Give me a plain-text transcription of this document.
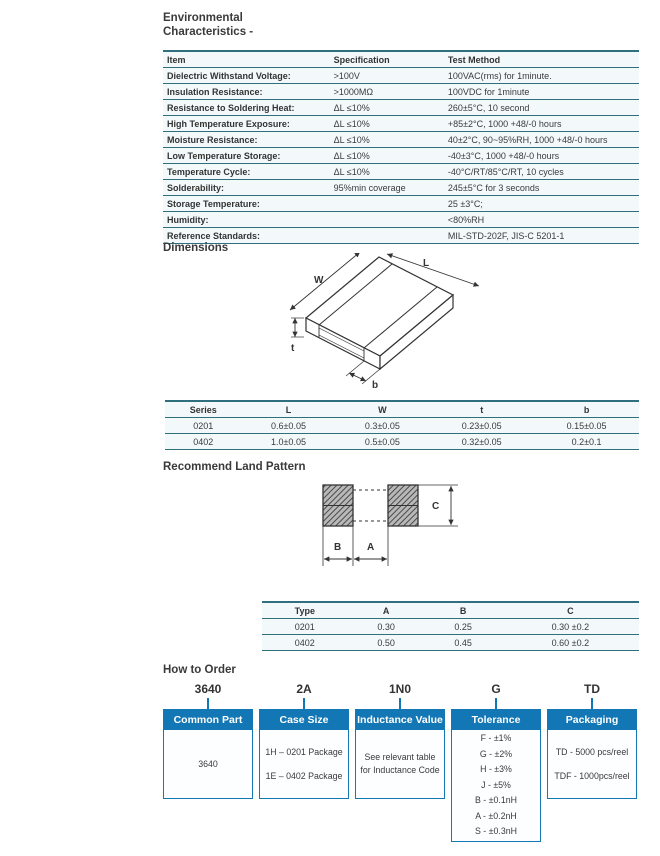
Environmental
Characteristics -
Item	Specification	Test Method
Dielectric Withstand Voltage:	>100V	100VAC(rms) for 1minute.
Insulation Resistance:	>1000MΩ	100VDC for 1minute
Resistance to Soldering Heat:	ΔL ≤10%	260±5°C, 10 second
High Temperature Exposure:	ΔL ≤10%	+85±2°C, 1000 +48/-0 hours
Moisture Resistance:	ΔL ≤10%	40±2°C, 90~95%RH, 1000 +48/-0 hours
Low Temperature Storage:	ΔL ≤10%	-40±3°C, 1000 +48/-0 hours
Temperature Cycle:	ΔL ≤10%	-40°C/RT/85°C/RT, 10 cycles
Solderability:	95%min coverage	245±5°C for 3 seconds
Storage Temperature:		25 ±3°C;
Humidity:		<80%RH
Reference Standards:		MIL-STD-202F, JIS-C 5201-1
Dimensions
W
L
t
b
Series	L	W	t	b
0201	0.6±0.05	0.3±0.05	0.23±0.05	0.15±0.05
0402	1.0±0.05	0.5±0.05	0.32±0.05	0.2±0.1
Recommend Land Pattern
C
B	A
Type	A	B	C
0201	0.30	0.25	0.30 ±0.2
0402	0.50	0.45	0.60 ±0.2
How to Order
3640
Common Part
3640
2A
Case Size
1H – 0201 Package
1E – 0402 Package
1N0
Inductance Value
See relevant table
for Inductance Code
G
Tolerance
F - ±1%
G - ±2%
H - ±3%
J - ±5%
B - ±0.1nH
A - ±0.2nH
S - ±0.3nH
TD
Packaging
TD - 5000 pcs/reel
TDF - 1000pcs/reel
